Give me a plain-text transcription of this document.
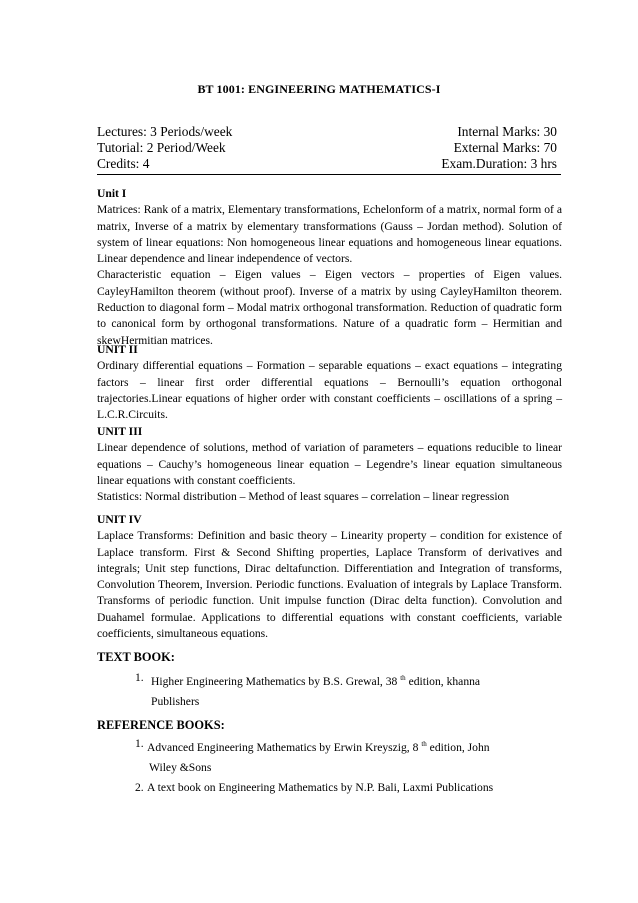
BT 1001: ENGINEERING MATHEMATICS-I
Lectures: 3 Periods/week	Internal Marks: 30
Tutorial: 2 Period/Week	External Marks: 70
Credits: 4	Exam.Duration: 3 hrs
Unit I

Matrices: Rank of a matrix, Elementary transformations, Echelonform of a matrix, normal form of a matrix, Inverse of a matrix by elementary transformations (Gauss – Jordan method). Solution of system of linear equations: Non homogeneous linear equations and homogeneous linear equations. Linear dependence and linear independence of vectors.

Characteristic equation – Eigen values – Eigen vectors – properties of Eigen values. CayleyHamilton theorem (without proof). Inverse of a matrix by using CayleyHamilton theorem. Reduction to diagonal form – Modal matrix orthogonal transformation. Reduction of quadratic form to canonical form by orthogonal transformations. Nature of a quadratic form – Hermitian and skewHermitian matrices.

UNIT II

Ordinary differential equations – Formation – separable equations – exact equations – integrating factors – linear first order differential equations – Bernoulli’s equation orthogonal trajectories.Linear equations of higher order with constant coefficients – oscillations of a spring – L.C.R.Circuits.

UNIT III

Linear dependence of solutions, method of variation of parameters – equations reducible to linear equations – Cauchy’s homogeneous linear equation – Legendre’s linear equation simultaneous linear equations with constant coefficients.

Statistics: Normal distribution – Method of least squares – correlation – linear regression

UNIT IV

Laplace Transforms: Definition and basic theory – Linearity property – condition for existence of Laplace transform. First & Second Shifting properties, Laplace Transform of derivatives and integrals; Unit step functions, Dirac deltafunction. Differentiation and Integration of transforms, Convolution Theorem, Inversion. Periodic functions. Evaluation of integrals by Laplace Transform. Transforms of periodic function. Unit impulse function (Dirac delta function). Convolution and Duahamel formulae. Applications to differential equations with constant coefficients, variable coefficients, simultaneous equations.

TEXT BOOK:
1. Higher Engineering Mathematics by B.S. Grewal, 38 $^{th}$ edition, khanna
Publishers
REFERENCE BOOKS:
1. Advanced Engineering Mathematics by Erwin Kreyszig, 8 $^{th}$ edition, John
Wiley &Sons
2. A text book on Engineering Mathematics by N.P. Bali, Laxmi Publications
